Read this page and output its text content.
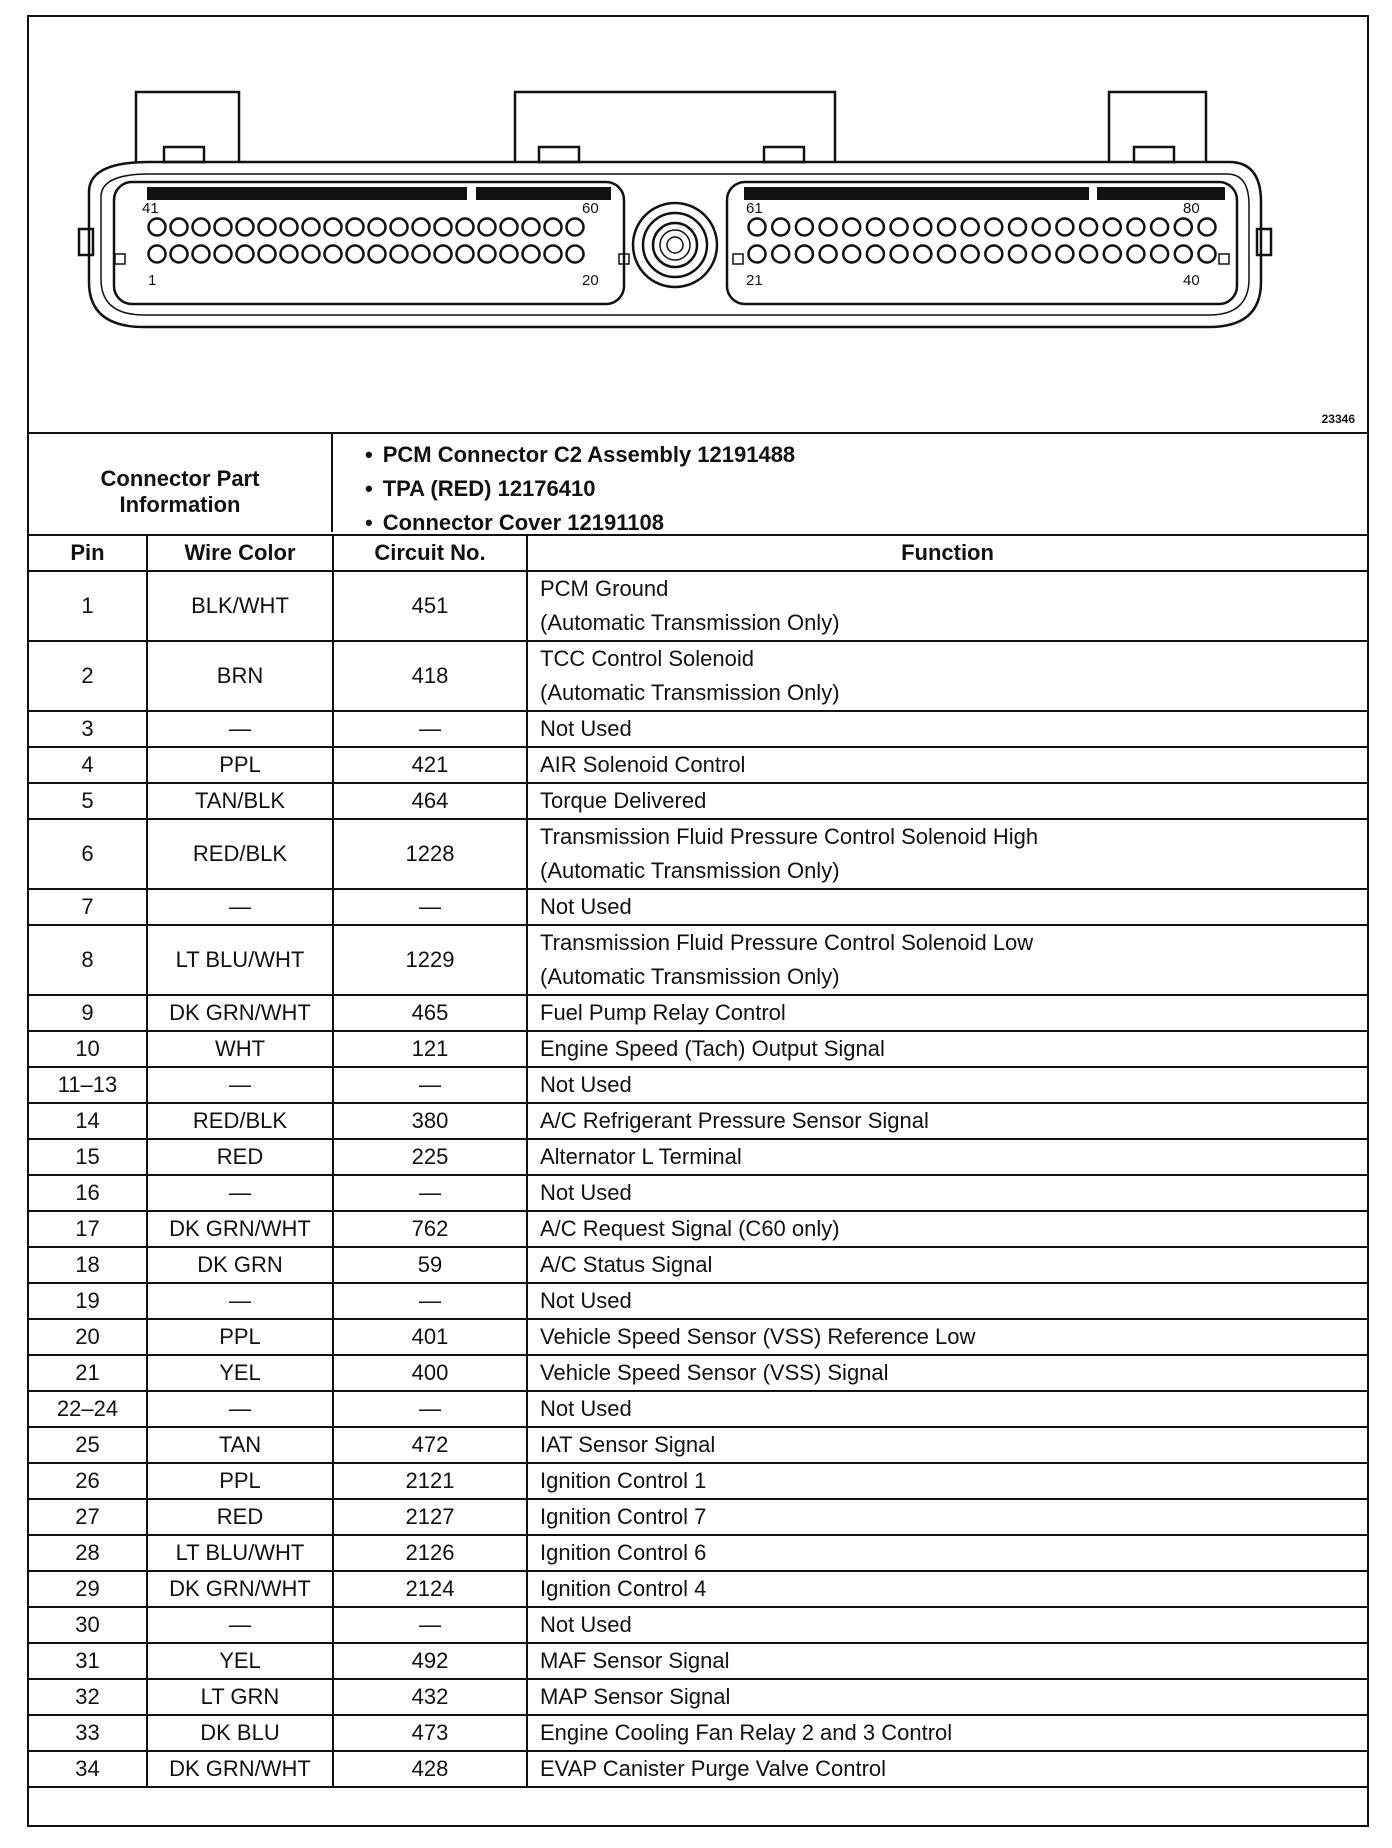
41	60
1	20
61	80
21	40
23346
Connector Part
Information
• PCM Connector C2 Assembly 12191488
• TPA (RED) 12176410
• Connector Cover 12191108
Pin	Wire Color	Circuit No.	Function
1	BLK/WHT	451	PCM Ground
(Automatic Transmission Only)

2	BRN	418	TCC Control Solenoid
(Automatic Transmission Only)

3	—	—	Not Used

4	PPL	421	AIR Solenoid Control

5	TAN/BLK	464	Torque Delivered

6	RED/BLK	1228	Transmission Fluid Pressure Control Solenoid High
(Automatic Transmission Only)

7	—	—	Not Used

8	LT BLU/WHT	1229	Transmission Fluid Pressure Control Solenoid Low
(Automatic Transmission Only)

9	DK GRN/WHT	465	Fuel Pump Relay Control

10	WHT	121	Engine Speed (Tach) Output Signal

11–13	—	—	Not Used

14	RED/BLK	380	A/C Refrigerant Pressure Sensor Signal

15	RED	225	Alternator L Terminal

16	—	—	Not Used

17	DK GRN/WHT	762	A/C Request Signal (C60 only)

18	DK GRN	59	A/C Status Signal

19	—	—	Not Used

20	PPL	401	Vehicle Speed Sensor (VSS) Reference Low

21	YEL	400	Vehicle Speed Sensor (VSS) Signal

22–24	—	—	Not Used

25	TAN	472	IAT Sensor Signal

26	PPL	2121	Ignition Control 1

27	RED	2127	Ignition Control 7

28	LT BLU/WHT	2126	Ignition Control 6

29	DK GRN/WHT	2124	Ignition Control 4

30	—	—	Not Used

31	YEL	492	MAF Sensor Signal

32	LT GRN	432	MAP Sensor Signal

33	DK BLU	473	Engine Cooling Fan Relay 2 and 3 Control

34	DK GRN/WHT	428	EVAP Canister Purge Valve Control
